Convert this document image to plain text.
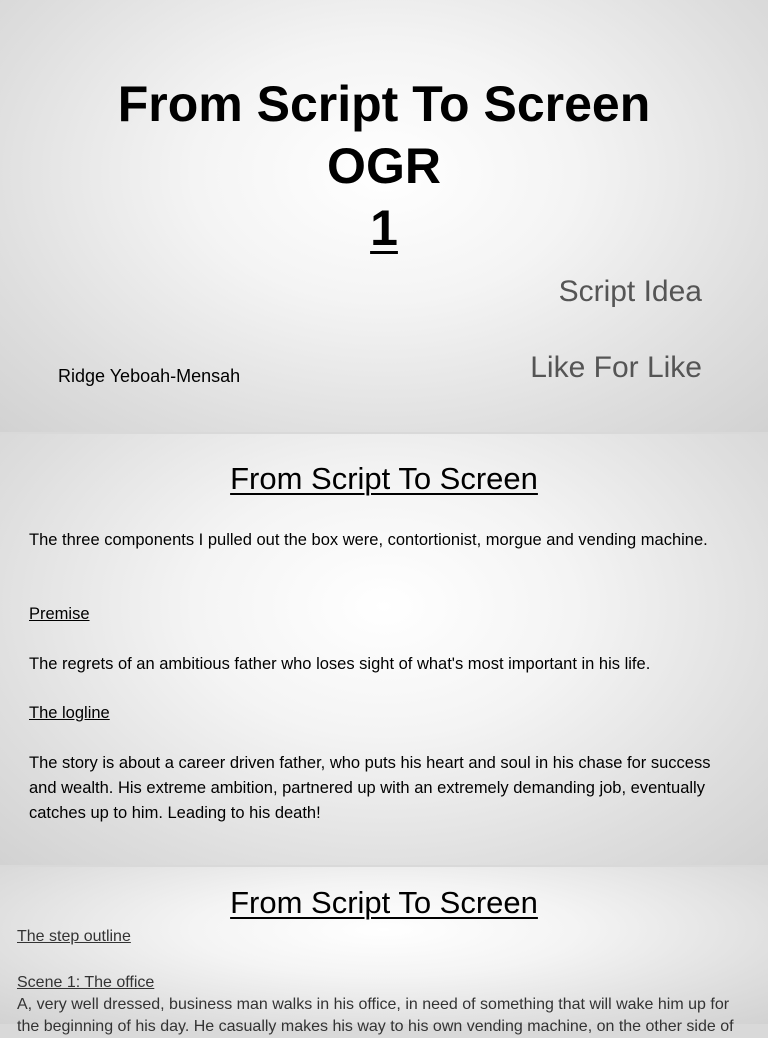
From Script To Screen
OGR
1
Script Idea
Like For Like
Ridge Yeboah-Mensah
From Script To Screen
The three components I pulled out the box were, contortionist, morgue and vending machine.
Premise
The regrets of an ambitious father who loses sight of what's most important in his life.
The logline
The story is about a career driven father, who puts his heart and soul in his chase for success and wealth. His extreme ambition, partnered up with an extremely demanding job, eventually catches up to him. Leading to his death!
From Script To Screen
The step outline
Scene 1: The office
A, very well dressed, business man walks in his office, in need of something that will wake him up for
the beginning of his day. He casually makes his way to his own vending machine, on the other side of
